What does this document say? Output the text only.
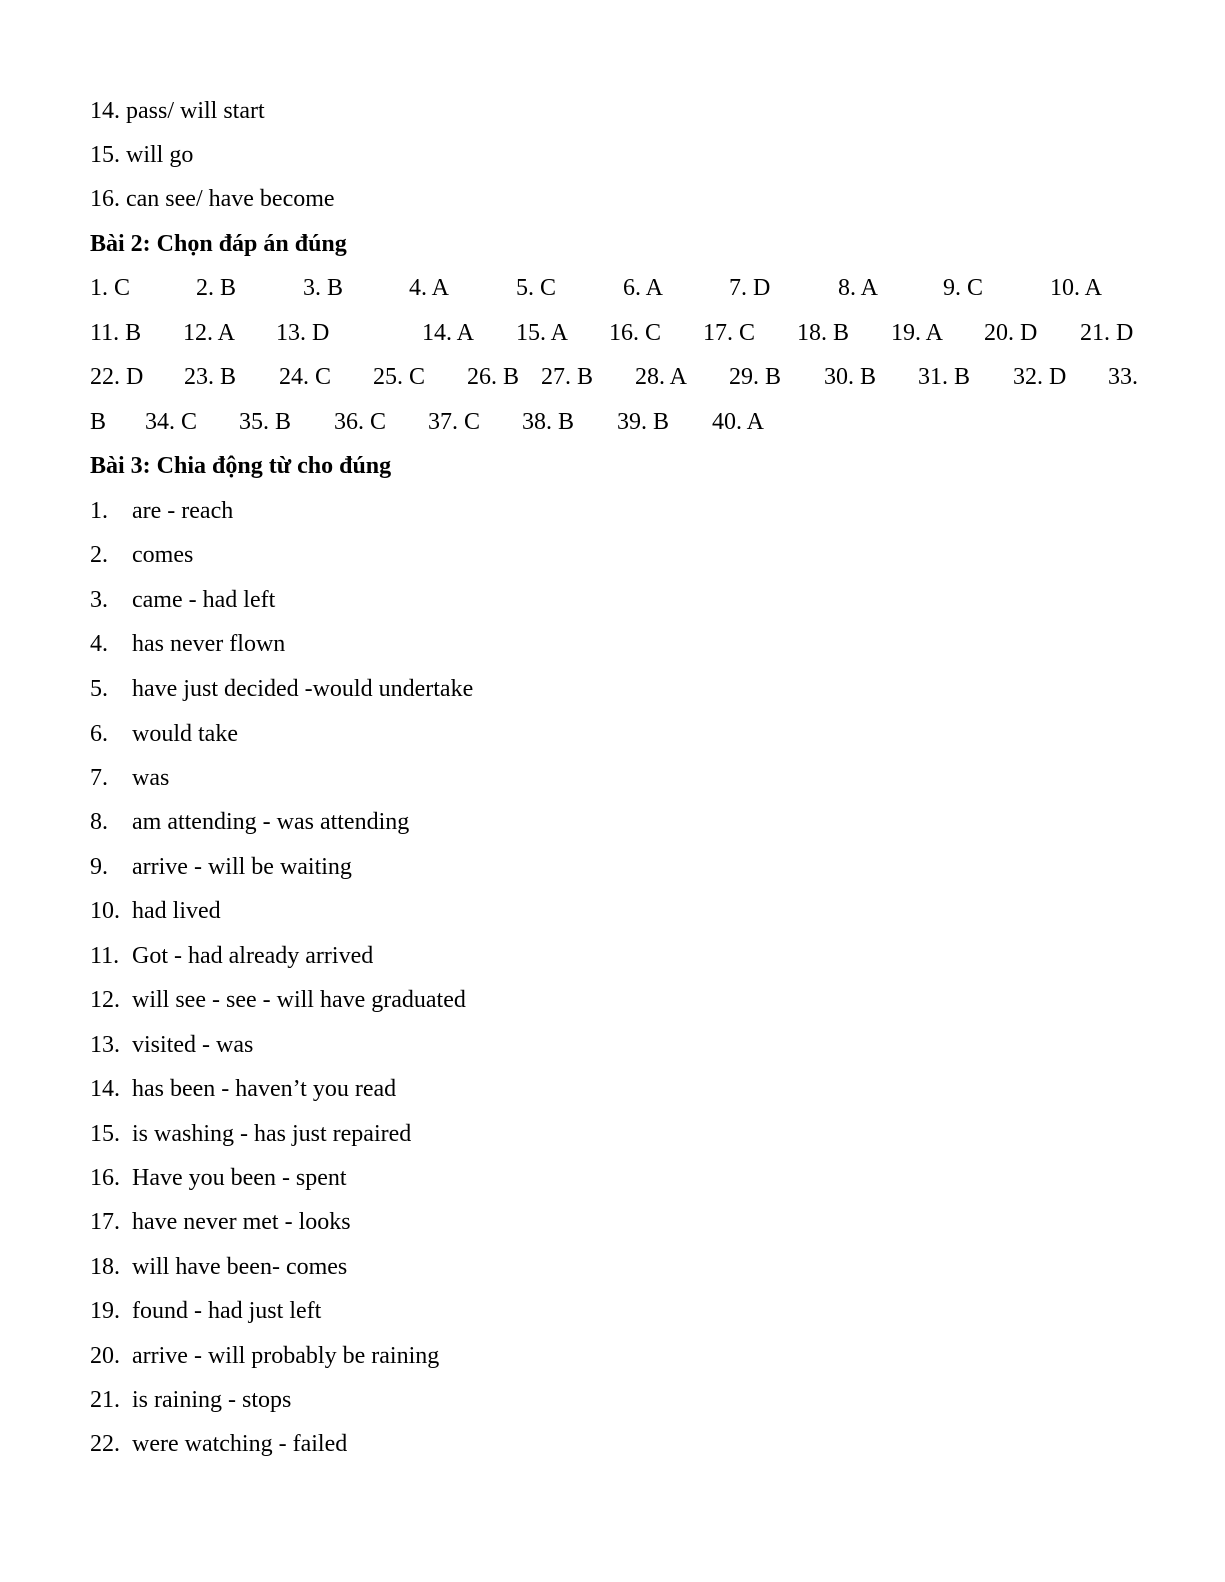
14. pass/ will start
15. will go
16. can see/ have become
Bài 2: Chọn đáp án đúng
1. C	2. B	3. B	4. A	5. C	6. A	7. D	8. A	9. C	10. A
11. B 12. A 13. D	14. A 15. A 16. C 17. C 18. B 19. A 20. D 21. D
22. D 23. B 24. C 25. C 26. B 27. B 28. A 29. B 30. B 31. B 32. D 33.
B 34. C 35. B 36. C 37. C 38. B 39. B 40. A
Bài 3: Chia động từ cho đúng
1. are - reach
2. comes
3. came - had left
4. has never flown
5. have just decided -would undertake
6. would take
7. was
8. am attending - was attending
9. arrive - will be waiting
10. had lived
11. Got - had already arrived
12. will see - see - will have graduated
13. visited - was
14. has been - haven’t you read
15. is washing - has just repaired
16. Have you been - spent
17. have never met - looks
18. will have been- comes
19. found - had just left
20. arrive - will probably be raining
21. is raining - stops
22. were watching - failed
